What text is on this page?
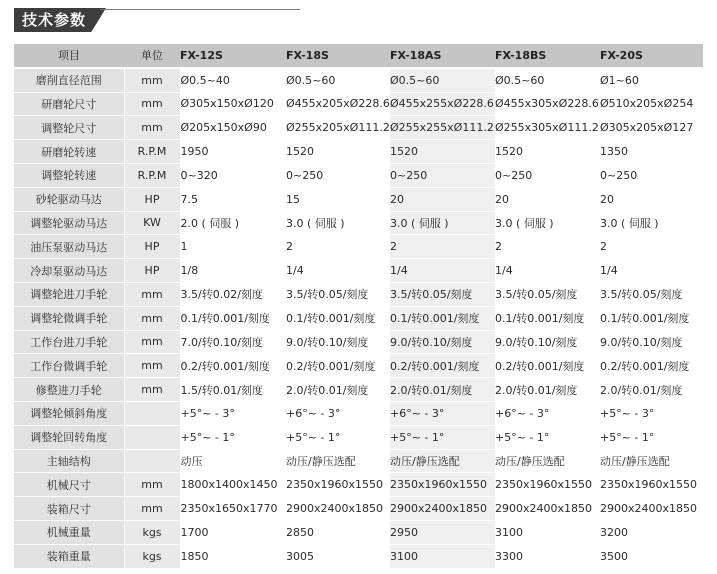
技术参数
项目	单位	FX-12S	FX-18S	FX-18AS	FX-18BS	FX-20S
磨削直径范围	mm	Ø0.5~40	Ø0.5~60	Ø0.5~60	Ø0.5~60	Ø1~60
研磨轮尺寸	mm	Ø305x150xØ120	Ø455x205xØ228.6	Ø455x255xØ228.6	Ø455x305xØ228.6	Ø510x205xØ254
调整轮尺寸	mm	Ø205x150xØ90	Ø255x205xØ111.2	Ø255x255xØ111.2	Ø255x305xØ111.2	Ø305x205xØ127
研磨轮转速	R.P.M	1950	1520	1520	1520	1350
调整轮转速	R.P.M	0~320	0~250	0~250	0~250	0~250
砂轮驱动马达	HP	7.5	15	20	20	20
调整轮驱动马达	KW	2.0 ( 伺服 )	3.0 ( 伺服 )	3.0 ( 伺服 )	3.0 ( 伺服 )	3.0 ( 伺服 )
油压泵驱动马达	HP	1	2	2	2	2
冷却泵驱动马达	HP	1/8	1/4	1/4	1/4	1/4
调整轮进刀手轮	mm	3.5/转0.02/刻度	3.5/转0.05/刻度	3.5/转0.05/刻度	3.5/转0.05/刻度	3.5/转0.05/刻度
调整轮微调手轮	mm	0.1/转0.001/刻度	0.1/转0.001/刻度	0.1/转0.001/刻度	0.1/转0.001/刻度	0.1/转0.001/刻度
工作台进刀手轮	mm	7.0/转0.10/刻度	9.0/转0.10/刻度	9.0/转0.10/刻度	9.0/转0.10/刻度	9.0/转0.10/刻度
工作台微调手轮	mm	0.2/转0.001/刻度	0.2/转0.001/刻度	0.2/转0.001/刻度	0.2/转0.001/刻度	0.2/转0.001/刻度
修整进刀手轮	mm	1.5/转0.01/刻度	2.0/转0.01/刻度	2.0/转0.01/刻度	2.0/转0.01/刻度	2.0/转0.01/刻度
调整轮倾斜角度		+5°~ - 3°	+6°~ - 3°	+6°~ - 3°	+6°~ - 3°	+5°~ - 3°
调整轮回转角度		+5°~ - 1°	+5°~ - 1°	+5°~ - 1°	+5°~ - 1°	+5°~ - 1°
主轴结构		动压	动压/静压选配	动压/静压选配	动压/静压选配	动压/静压选配
机械尺寸	mm	1800x1400x1450	2350x1960x1550	2350x1960x1550	2350x1960x1550	2350x1960x1550
装箱尺寸	mm	2350x1650x1770	2900x2400x1850	2900x2400x1850	2900x2400x1850	2900x2400x1850
机械重量	kgs	1700	2850	2950	3100	3200
装箱重量	kgs	1850	3005	3100	3300	3500
